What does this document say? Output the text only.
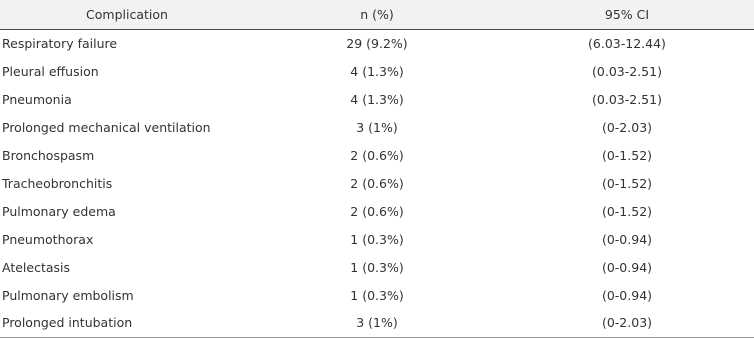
Complication	n (%)	95% CI
Respiratory failure	29 (9.2%)	(6.03-12.44)
Pleural effusion	4 (1.3%)	(0.03-2.51)
Pneumonia	4 (1.3%)	(0.03-2.51)
Prolonged mechanical ventilation	3 (1%)	(0-2.03)
Bronchospasm	2 (0.6%)	(0-1.52)
Tracheobronchitis	2 (0.6%)	(0-1.52)
Pulmonary edema	2 (0.6%)	(0-1.52)
Pneumothorax	1 (0.3%)	(0-0.94)
Atelectasis	1 (0.3%)	(0-0.94)
Pulmonary embolism	1 (0.3%)	(0-0.94)
Prolonged intubation	3 (1%)	(0-2.03)
